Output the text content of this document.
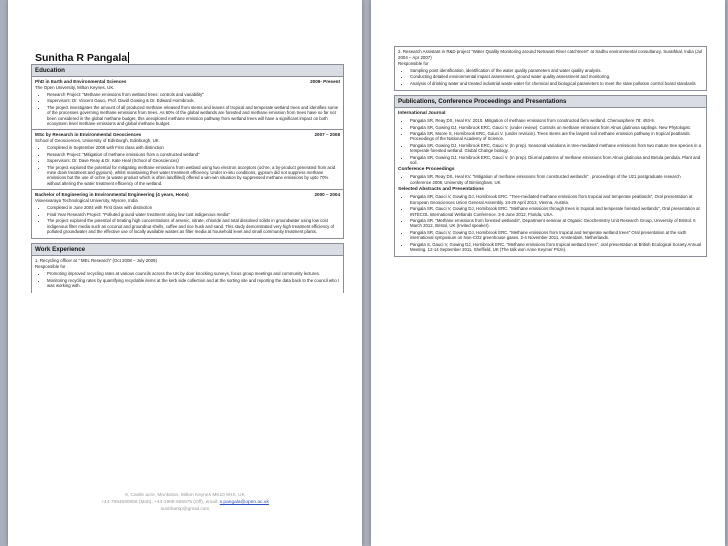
Sunitha R Pangala
Education
PhD in Earth and Environmental Sciences	2009- Present
The Open University, Milton Keynes, UK.
• Research Project: "Methane emissions from wetland trees: controls and variability"
• Supervisors: Dr. Vincent Gauci, Prof. David Gowing & Dr. Edward Hornibrook.
• The project investigates the amount of all produced methane released from stems and leaves of tropical and temperate wetland trees and identifies some of the processes governing methane emissions from trees. As 60% of the global wetlands are forested and methane emission from trees have so far not been considered in the global methane budget, this unexplored methane emission pathway from wetland trees will have a significant impact on both ecosystem level methane emissions and global methane budget.
MSc by Research in Environmental Geosciences	2007 – 2008
School of Geosciences, University of Edinburgh, Edinburgh, UK.
• Completed in September 2008 with First class with distinction
• Research Project: "Mitigation of methane emissions from a constructed wetland"
• Supervisors: Dr. Dave Reay & Dr. Kate Heal (School of Geosciences)
• The project explored the potential for mitigating methane emissions from wetland using two electron acceptors (ochre, a by-product generated from acid mine drain treatment and gypsum), whilst maintaining their water treatment efficiency. Under in-situ conditions, gypsum did not suppress methane emissions but the use of ochre (a waste product which is often landfilled) offered a win-win situation by suppressed methane emissions by upto 70% without altering the water treatment efficiency of the wetland.
Bachelor of Engineering in Environmental Engineering (4 years, Hons)	2000 – 2004
Visvesvaraya Technological University, Mysore, India
• Completed in June 2004 with First class with distinction
• Final Year Research Project: "Polluted ground water treatment using low cost indigenous media"
• The project explored the potential of treating high concentrations of arsenic, nitrate, chloride and total dissolved solids in groundwater using low cost indigenous filter media such as coconut and groundnut shells, coffee and rice husk and sand. This study demonstrated very high treatment efficiency of polluted groundwater and the effective use of locally available wastes as filter media at household level and small community treatment plants.
Work Experience
1. Recycling officer at " MEL Research" (Oct 2008 – July 2009)
Responsible for
• Promoting improved recycling rates at various councils across the UK by door knocking surveys, focus group meetings and community lectures.
• Monitoring recycling rates by quantifying recyclable items at the kerb side collection and at the sorting site and reporting the data back to the council who I was working with.
9, Castle acre, Monkston, Milton Keynes MK10 9HS, UK
+44-7984690856 (Mob), +44-1908-655975 (Off), email: s.pangala@open.ac.uk
sunitharsp@gmail.com
2. Research Assistant in R&D project "Water Quality Monitoring around Netravati River catchment" at Sadhu environmental consultancy, Surathkal, India (Jul 2004 – Apr 2007)
Responsible for
• Sampling point identification, identification of the water quality parameters and water quality analysis.
• Conducting detailed environmental impact assessment, ground water quality assessment and monitoring.
• Analysis of drinking water and treated industrial waste water for chemical and biological parameters to meet the state pollution control board standards
Publications, Conference Proceedings and Presentations
International Journal
• Pangala SR, Reay DS, Heal KV. 2010. Mitigation of methane emissions from constructed farm wetland. Chemosphere 78: 493-9.
• Pangala SR, Gowing DJ, Hornibrook ERC, Gauci V. (under review). Controls on methane emissions from Alnus glutinosa saplings. New Phytologist.
• Pangala SR, Moore S, Hornibrook ERC, Gauci V. (under revision). Trees stems are the largest soil methane emission pathway in tropical peatlands. Proceedings of the National Academy of Science.
• Pangala SR, Gowing DJ, Hornibrook ERC, Gauci V. (In prep). Seasonal variations in tree-mediated methane emissions from two mature tree species in a temperate forested wetland. Global Change biology.
• Pangala SR, Gowing DJ, Hornibrook ERC, Gauci V. (In prep). Diurnal patterns of methane emissions from Alnus glutinosa and Betula pendula. Plant and soil.
Conference Proceedings
• Pangala SR, Reay DS, Heal KV. "Mitigation of methane emissions from constructed wetlands" , proceedings of the U21 postgraduate research conference 2008, University of Birmingham, UK
Selected Abstracts and Presentations
• Pangala SR, Gauci V, Gowing DJ, Hornibrook ERC. "Tree-mediated methane emissions from tropical and temperate peatlands", Oral presentation at European Geosciences Union General Assembly. 24-29 April 2013, Vienna, Austria.
• Pangala SR, Gauci V, Gowing DJ, Hornibrook ERC. "Methane emissions through trees in tropical and temperate forested wetlands", Oral presentation at INTECOL International Wetlands Conference. 3-8 June 2012, Florida, USA.
• Pangala SR. "Methane emissions from forested wetlands", Department seminar at Organic Geochemistry Unit Research Group, University of Bristol. 6 March 2012, Bristol, UK (Invited speaker).
• Pangala SR, Gauci V, Gowing DJ, Hornibrook ERC. "Methane emissions from tropical and temperate wetland trees" Oral presentation at the sixth international symposium on Non-CO2 greenhouse gases. 2-4 November 2011, Amsterdam, Netherlands.
• Pangala S, Gauci V, Gowing DJ, Hornibrook ERC. "Methane emissions from tropical wetland trees", oral presentation at British Ecological Society Annual Meeting. 12-14 September 2011, Sheffield, UK (The talk won Anne Keymer Prize).
